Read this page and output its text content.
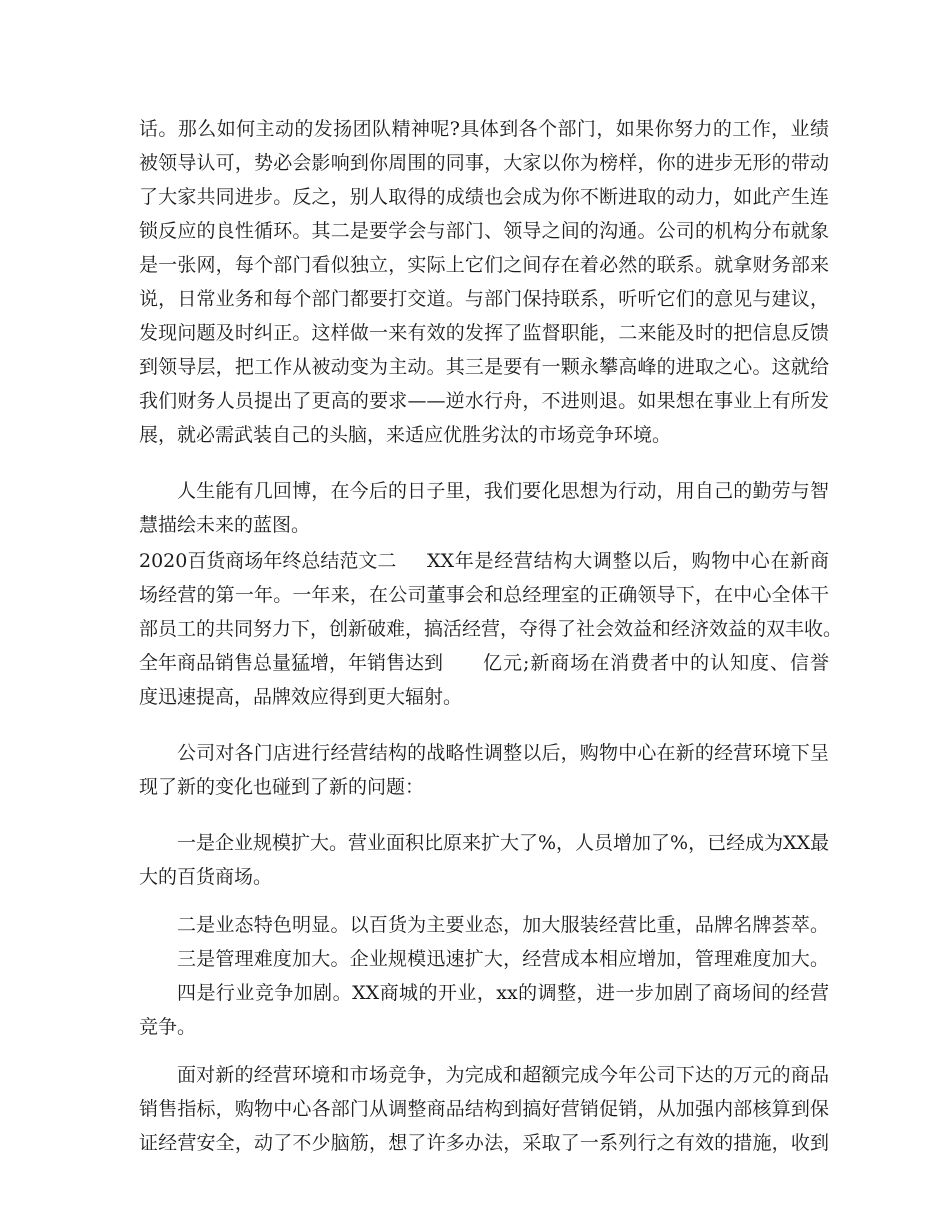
话。那么如何主动的发扬团队精神呢?具体到各个部门，如果你努力的工作，业绩
被领导认可，势必会影响到你周围的同事，大家以你为榜样，你的进步无形的带动
了大家共同进步。反之，别人取得的成绩也会成为你不断进取的动力，如此产生连
锁反应的良性循环。其二是要学会与部门、领导之间的沟通。公司的机构分布就象
是一张网，每个部门看似独立，实际上它们之间存在着必然的联系。就拿财务部来
说，日常业务和每个部门都要打交道。与部门保持联系，听听它们的意见与建议，
发现问题及时纠正。这样做一来有效的发挥了监督职能，二来能及时的把信息反馈
到领导层，把工作从被动变为主动。其三是要有一颗永攀高峰的进取之心。这就给
我们财务人员提出了更高的要求——逆水行舟，不进则退。如果想在事业上有所发
展，就必需武装自己的头脑，来适应优胜劣汰的市场竞争环境。
人生能有几回博，在今后的日子里，我们要化思想为行动，用自己的勤劳与智
慧描绘未来的蓝图。
2020百货商场年终总结范文二 XX年是经营结构大调整以后，购物中心在新商
场经营的第一年。一年来，在公司董事会和总经理室的正确领导下，在中心全体干
部员工的共同努力下，创新破难，搞活经营，夺得了社会效益和经济效益的双丰收。
全年商品销售总量猛增，年销售达到 亿元;新商场在消费者中的认知度、信誉
度迅速提高，品牌效应得到更大辐射。
公司对各门店进行经营结构的战略性调整以后，购物中心在新的经营环境下呈
现了新的变化也碰到了新的问题：
一是企业规模扩大。营业面积比原来扩大了%，人员增加了%，已经成为XX最
大的百货商场。
二是业态特色明显。以百货为主要业态，加大服装经营比重，品牌名牌荟萃。
三是管理难度加大。企业规模迅速扩大，经营成本相应增加，管理难度加大。
四是行业竞争加剧。XX商城的开业，xx的调整，进一步加剧了商场间的经营
竞争。
面对新的经营环境和市场竞争，为完成和超额完成今年公司下达的万元的商品
销售指标，购物中心各部门从调整商品结构到搞好营销促销，从加强内部核算到保
证经营安全，动了不少脑筋，想了许多办法，采取了一系列行之有效的措施，收到
